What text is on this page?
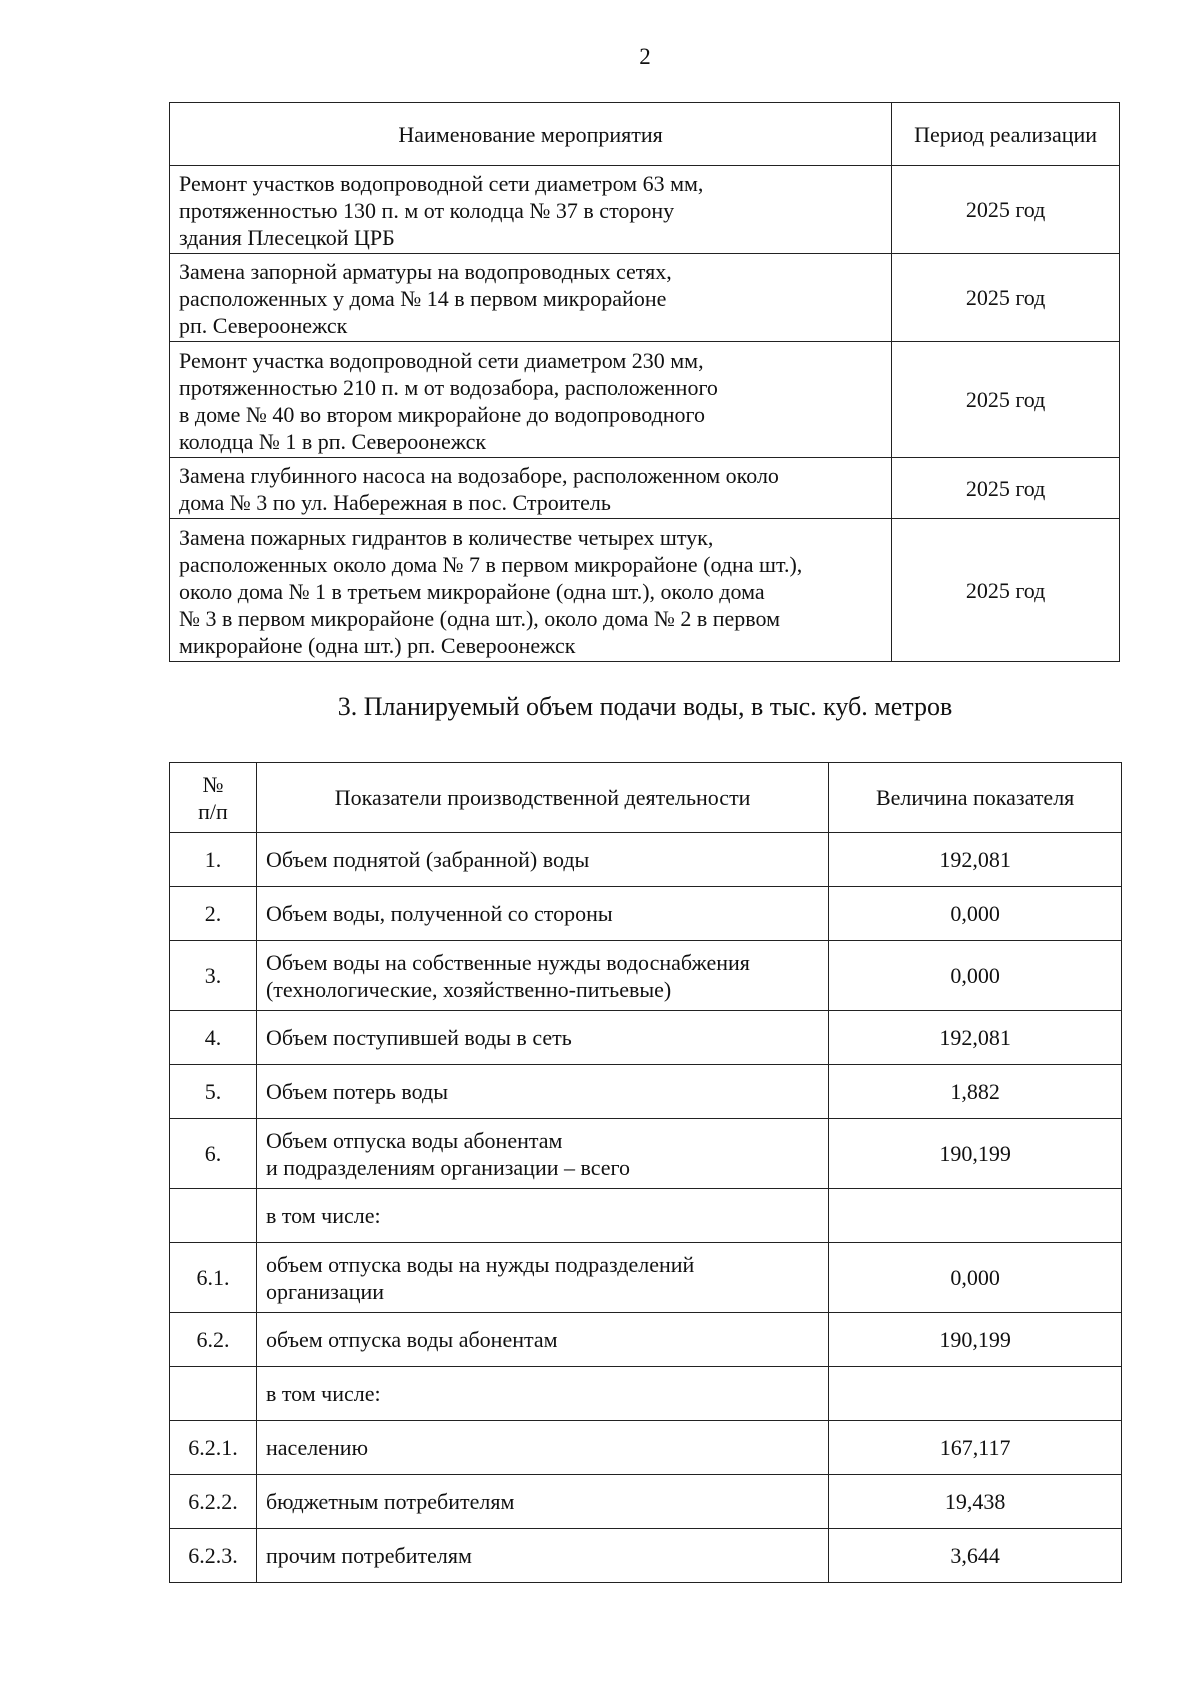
2
Наименование мероприятия	Период реализации

Ремонт участков водопроводной сети диаметром 63 мм,
протяженностью 130 п. м от колодца № 37 в сторону
здания Плесецкой ЦРБ	2025 год

Замена запорной арматуры на водопроводных сетях,
расположенных у дома № 14 в первом микрорайоне
рп. Североонежск	2025 год

Ремонт участка водопроводной сети диаметром 230 мм,
протяженностью 210 п. м от водозабора, расположенного
в доме № 40 во втором микрорайоне до водопроводного
колодца № 1 в рп. Североонежск	2025 год

Замена глубинного насоса на водозаборе, расположенном около
дома № 3 по ул. Набережная в пос. Строитель	2025 год

Замена пожарных гидрантов в количестве четырех штук,
расположенных около дома № 7 в первом микрорайоне (одна шт.),
около дома № 1 в третьем микрорайоне (одна шт.), около дома
№ 3 в первом микрорайоне (одна шт.), около дома № 2 в первом
микрорайоне (одна шт.) рп. Североонежск	2025 год
3. Планируемый объем подачи воды, в тыс. куб. метров
№
п/п	Показатели производственной деятельности	Величина показателя
1.	Объем поднятой (забранной) воды	192,081
2.	Объем воды, полученной со стороны	0,000
3.	Объем воды на собственные нужды водоснабжения
(технологические, хозяйственно-питьевые)	0,000
4.	Объем поступившей воды в сеть	192,081
5.	Объем потерь воды	1,882
6.	Объем отпуска воды абонентам
и подразделениям организации – всего	190,199

	в том числе:	

6.1.	объем отпуска воды на нужды подразделений
организации	0,000
6.2.	объем отпуска воды абонентам	190,199

	в том числе:	

6.2.1.	населению	167,117
6.2.2.	бюджетным потребителям	19,438
6.2.3.	прочим потребителям	3,644
